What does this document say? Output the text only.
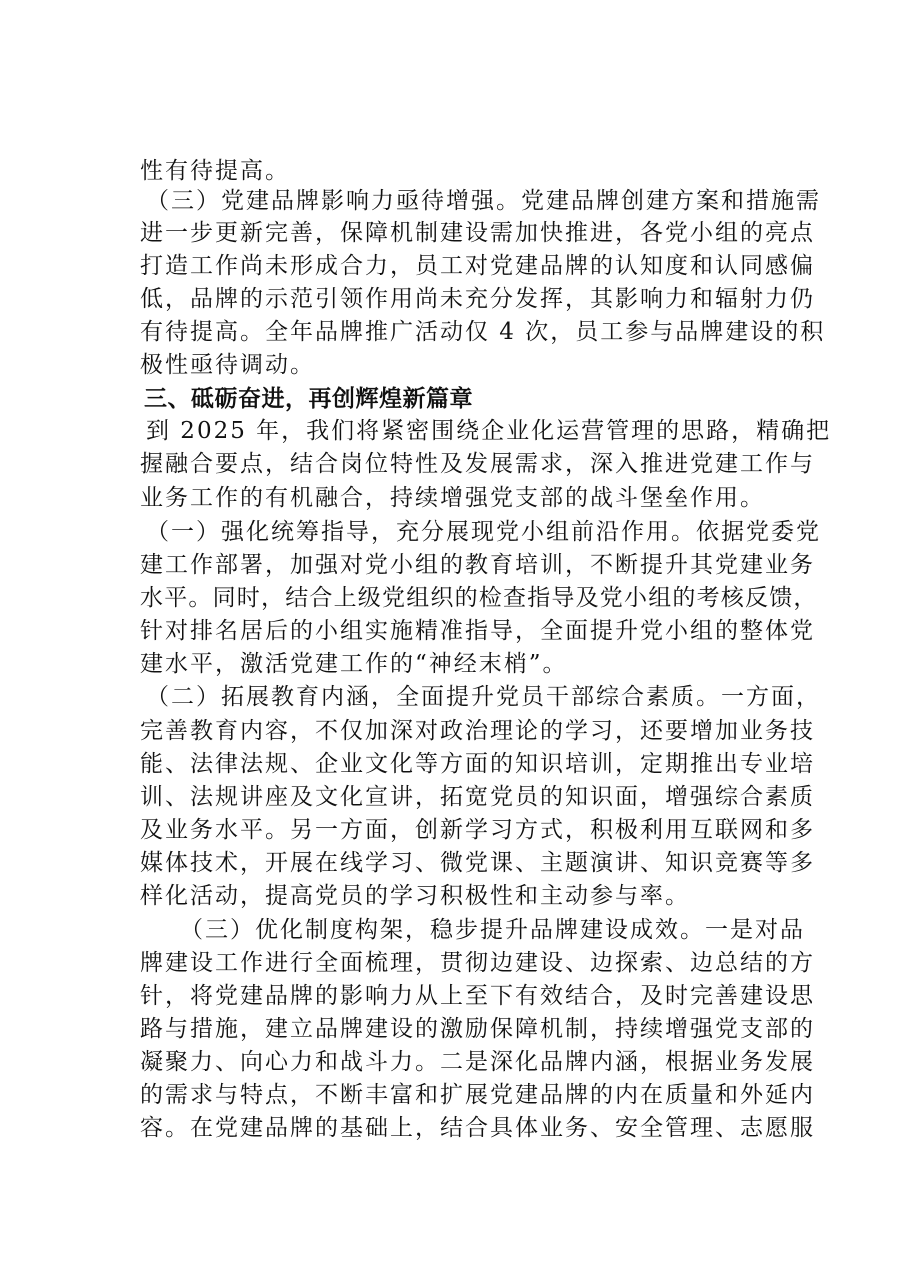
性有待提高。
（三）党建品牌影响力亟待增强。党建品牌创建方案和措施需
进一步更新完善，保障机制建设需加快推进，各党小组的亮点
打造工作尚未形成合力，员工对党建品牌的认知度和认同感偏
低，品牌的示范引领作用尚未充分发挥，其影响力和辐射力仍
有待提高。全年品牌推广活动仅 4 次，员工参与品牌建设的积
极性亟待调动。
三、砥砺奋进，再创辉煌新篇章
到 2025 年，我们将紧密围绕企业化运营管理的思路，精确把
握融合要点，结合岗位特性及发展需求，深入推进党建工作与
业务工作的有机融合，持续增强党支部的战斗堡垒作用。
（一）强化统筹指导，充分展现党小组前沿作用。依据党委党
建工作部署，加强对党小组的教育培训，不断提升其党建业务
水平。同时，结合上级党组织的检查指导及党小组的考核反馈，
针对排名居后的小组实施精准指导，全面提升党小组的整体党
建水平，激活党建工作的“神经末梢”。
（二）拓展教育内涵，全面提升党员干部综合素质。一方面，
完善教育内容，不仅加深对政治理论的学习，还要增加业务技
能、法律法规、企业文化等方面的知识培训，定期推出专业培
训、法规讲座及文化宣讲，拓宽党员的知识面，增强综合素质
及业务水平。另一方面，创新学习方式，积极利用互联网和多
媒体技术，开展在线学习、微党课、主题演讲、知识竞赛等多
样化活动，提高党员的学习积极性和主动参与率。
（三）优化制度构架，稳步提升品牌建设成效。一是对品
牌建设工作进行全面梳理，贯彻边建设、边探索、边总结的方
针，将党建品牌的影响力从上至下有效结合，及时完善建设思
路与措施，建立品牌建设的激励保障机制，持续增强党支部的
凝聚力、向心力和战斗力。二是深化品牌内涵，根据业务发展
的需求与特点，不断丰富和扩展党建品牌的内在质量和外延内
容。在党建品牌的基础上，结合具体业务、安全管理、志愿服
